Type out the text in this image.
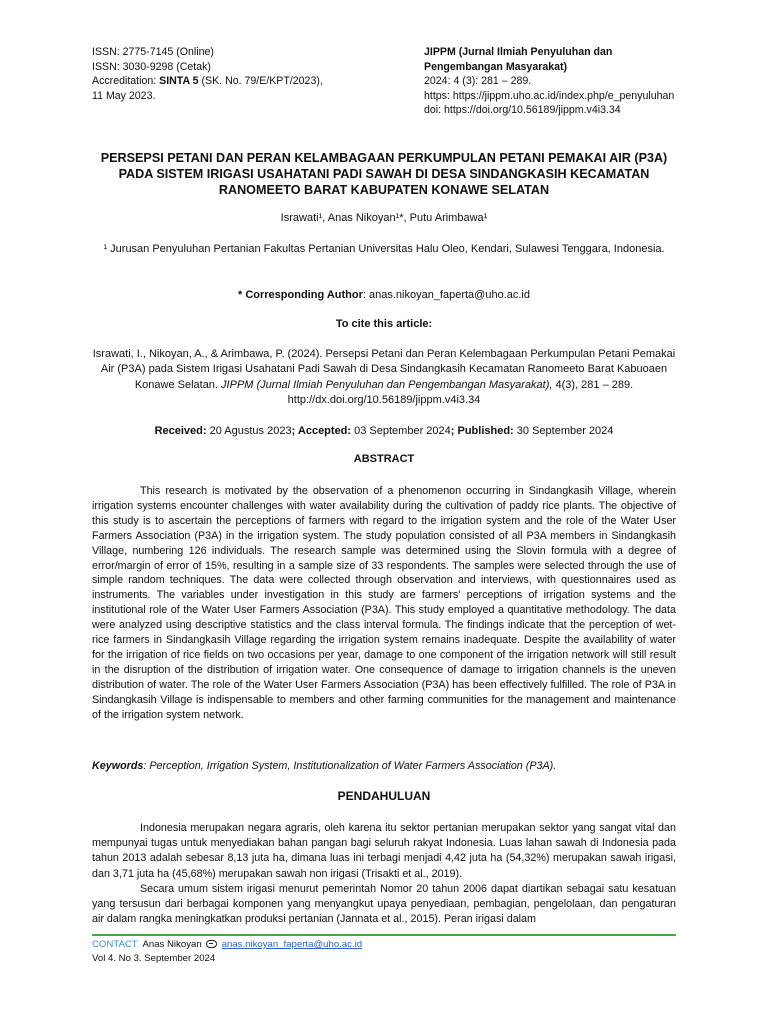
ISSN: 2775-7145 (Online)
ISSN: 3030-9298 (Cetak)
Accreditation: SINTA 5 (SK. No. 79/E/KPT/2023),
11 May 2023.
JIPPM (Jurnal Ilmiah Penyuluhan dan
Pengembangan Masyarakat)
2024: 4 (3): 281 – 289.
https: https://jippm.uho.ac.id/index.php/e_penyuluhan
doi: https://doi.org/10.56189/jippm.v4i3.34
PERSEPSI PETANI DAN PERAN KELAMBAGAAN PERKUMPULAN PETANI PEMAKAI AIR (P3A) PADA SISTEM IRIGASI USAHATANI PADI SAWAH DI DESA SINDANGKASIH KECAMATAN RANOMEETO BARAT KABUPATEN KONAWE SELATAN
Israwati¹, Anas Nikoyan¹*, Putu Arimbawa¹
¹ Jurusan Penyuluhan Pertanian Fakultas Pertanian Universitas Halu Oleo, Kendari, Sulawesi Tenggara, Indonesia.
* Corresponding Author: anas.nikoyan_faperta@uho.ac.id
To cite this article:
Israwati, I., Nikoyan, A., & Arimbawa, P. (2024). Persepsi Petani dan Peran Kelembagaan Perkumpulan Petani Pemakai Air (P3A) pada Sistem Irigasi Usahatani Padi Sawah di Desa Sindangkasih Kecamatan Ranomeeto Barat Kabuoaen Konawe Selatan. JIPPM (Jurnal Ilmiah Penyuluhan dan Pengembangan Masyarakat), 4(3), 281 – 289. http://dx.doi.org/10.56189/jippm.v4i3.34
Received: 20 Agustus 2023; Accepted: 03 September 2024; Published: 30 September 2024
ABSTRACT
This research is motivated by the observation of a phenomenon occurring in Sindangkasih Village, wherein irrigation systems encounter challenges with water availability during the cultivation of paddy rice plants. The objective of this study is to ascertain the perceptions of farmers with regard to the irrigation system and the role of the Water User Farmers Association (P3A) in the irrigation system. The study population consisted of all P3A members in Sindangkasih Village, numbering 126 individuals. The research sample was determined using the Slovin formula with a degree of error/margin of error of 15%, resulting in a sample size of 33 respondents. The samples were selected through the use of simple random techniques. The data were collected through observation and interviews, with questionnaires used as instruments. The variables under investigation in this study are farmers' perceptions of irrigation systems and the institutional role of the Water User Farmers Association (P3A). This study employed a quantitative methodology. The data were analyzed using descriptive statistics and the class interval formula. The findings indicate that the perception of wet-rice farmers in Sindangkasih Village regarding the irrigation system remains inadequate. Despite the availability of water for the irrigation of rice fields on two occasions per year, damage to one component of the irrigation network will still result in the disruption of the distribution of irrigation water. One consequence of damage to irrigation channels is the uneven distribution of water. The role of the Water User Farmers Association (P3A) has been effectively fulfilled. The role of P3A in Sindangkasih Village is indispensable to members and other farming communities for the management and maintenance of the irrigation system network.
Keywords: Perception, Irrigation System, Institutionalization of Water Farmers Association (P3A).
PENDAHULUAN

Indonesia merupakan negara agraris, oleh karena itu sektor pertanian merupakan sektor yang sangat vital dan mempunyai tugas untuk menyediakan bahan pangan bagi seluruh rakyat Indonesia. Luas lahan sawah di Indonesia pada tahun 2013 adalah sebesar 8,13 juta ha, dimana luas ini terbagi menjadi 4,42 juta ha (54,32%) merupakan sawah irigasi, dan 3,71 juta ha (45,68%) merupakan sawah non irigasi (Trisakti et al., 2019).

Secara umum sistem irigasi menurut pemerintah Nomor 20 tahun 2006 dapat diartikan sebagai satu kesatuan yang tersusun dari berbagai komponen yang menyangkut upaya penyediaan, pembagian, pengelolaan, dan pengaturan air dalam rangka meningkatkan produksi pertanian (Jannata et al., 2015). Peran irigasi dalam

CONTACT Anas Nikoyan anas.nikoyan_faperta@uho.ac.id
Vol 4. No 3. September 2024
